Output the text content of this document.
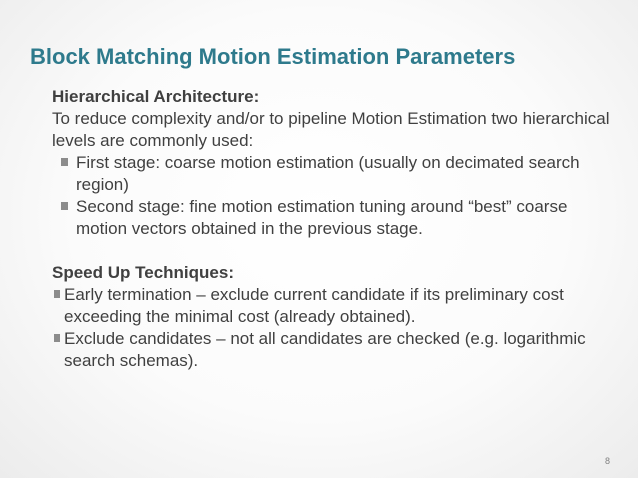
Block Matching Motion Estimation Parameters
Hierarchical Architecture:

To reduce complexity and/or to pipeline Motion Estimation two hierarchical levels are commonly used:

First stage: coarse motion estimation (usually on decimated search region)
Second stage: fine motion estimation tuning around “best” coarse motion vectors obtained in the previous stage.
Speed Up Techniques:
Early termination – exclude current candidate if its preliminary cost exceeding the minimal cost (already obtained).
Exclude candidates – not all candidates are checked (e.g. logarithmic search schemas).
8
